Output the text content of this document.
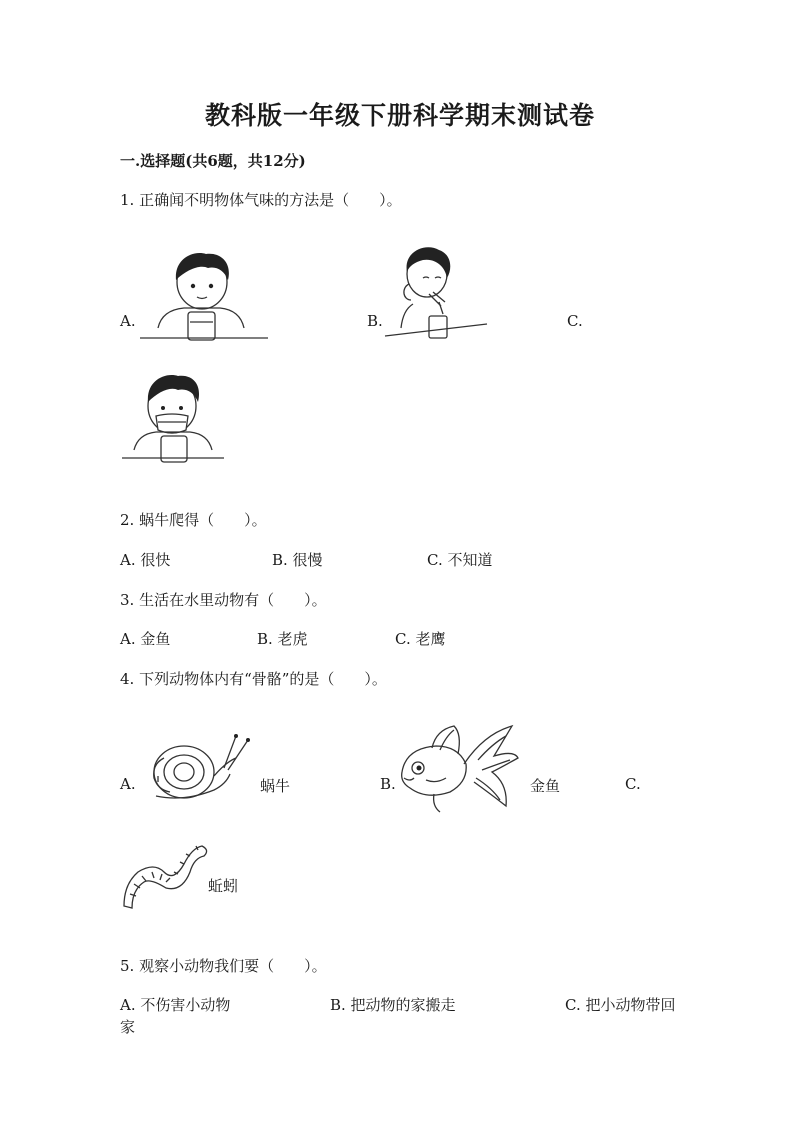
教科版一年级下册科学期末测试卷
一.选择题(共6题，共12分)
1. 正确闻不明物体气味的方法是（　　）。
A.	B.	C.
2. 蜗牛爬得（　　）。
A. 很快	B. 很慢	C. 不知道
3. 生活在水里动物有（　　）。
A. 金鱼	B. 老虎	C. 老鹰
4. 下列动物体内有“骨骼”的是（　　）。
A.	蜗牛	B.	金鱼	C.
蚯蚓
5. 观察小动物我们要（　　）。
A. 不伤害小动物	B. 把动物的家搬走	C. 把小动物带回
家
